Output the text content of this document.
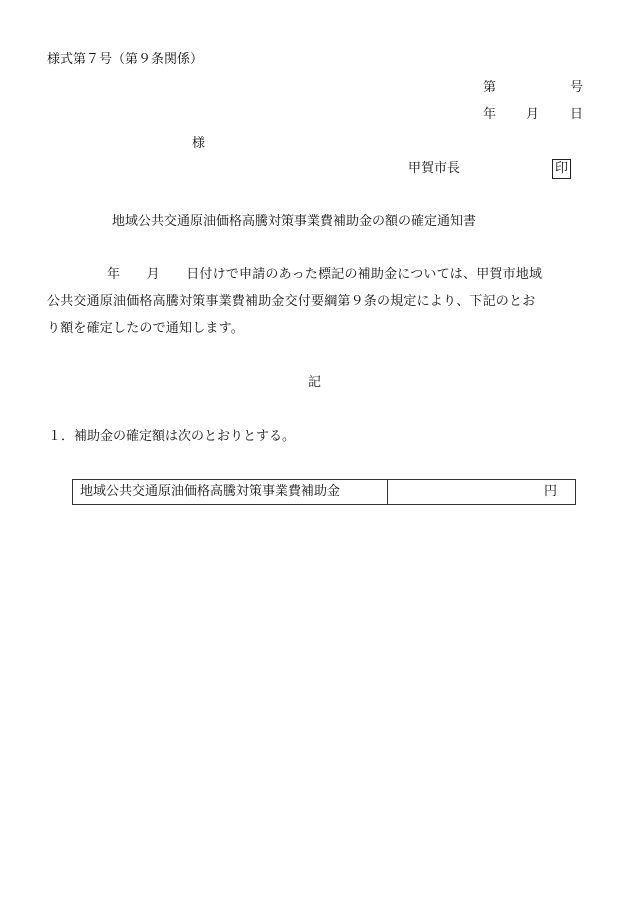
様式第７号（第９条関係）
第	号
年 月 日
様
甲賀市長	印
地域公共交通原油価格高騰対策事業費補助金の額の確定通知書
年　　月　　日付けで申請のあった標記の補助金については、甲賀市地域
公共交通原油価格高騰対策事業費補助金交付要綱第９条の規定により、下記のとお
り額を確定したので通知します。
記
１．補助金の確定額は次のとおりとする。
地域公共交通原油価格高騰対策事業費補助金	円
